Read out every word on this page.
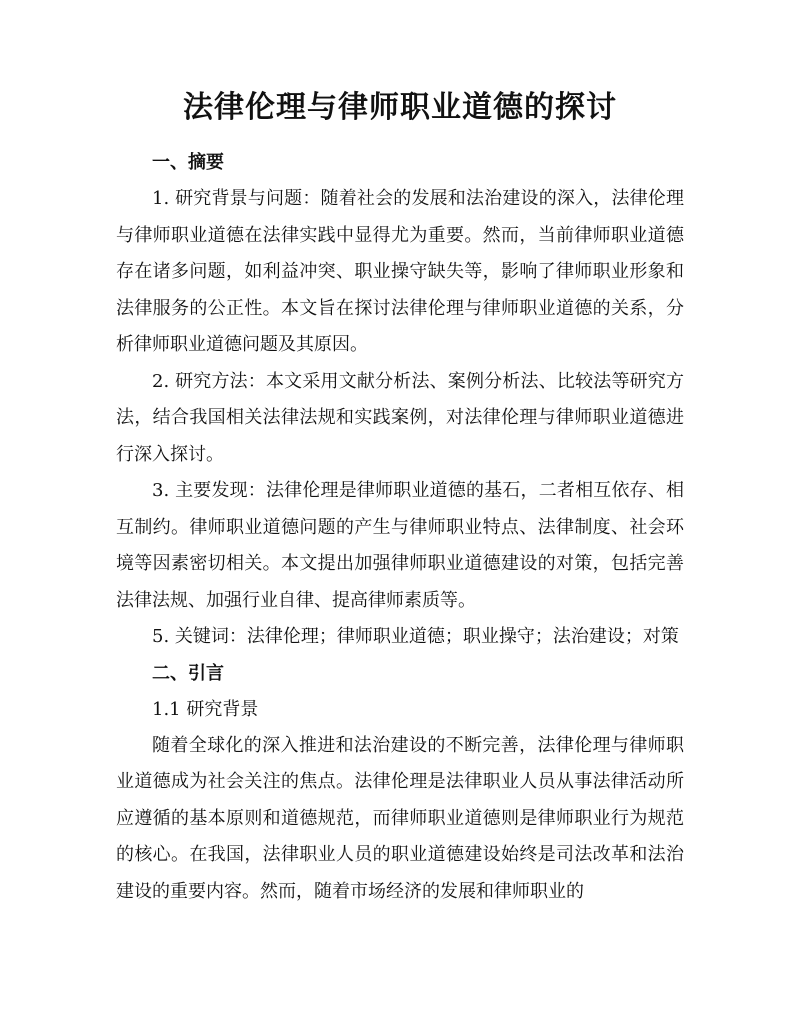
法律伦理与律师职业道德的探讨

一、摘要

1. 研究背景与问题：随着社会的发展和法治建设的深入，法律伦理与律师职业道德在法律实践中显得尤为重要。然而，当前律师职业道德存在诸多问题，如利益冲突、职业操守缺失等，影响了律师职业形象和法律服务的公正性。本文旨在探讨法律伦理与律师职业道德的关系，分析律师职业道德问题及其原因。

2. 研究方法：本文采用文献分析法、案例分析法、比较法等研究方法，结合我国相关法律法规和实践案例，对法律伦理与律师职业道德进行深入探讨。

3. 主要发现：法律伦理是律师职业道德的基石，二者相互依存、相互制约。律师职业道德问题的产生与律师职业特点、法律制度、社会环境等因素密切相关。本文提出加强律师职业道德建设的对策，包括完善法律法规、加强行业自律、提高律师素质等。

5. 关键词：法律伦理；律师职业道德；职业操守；法治建设；对策

二、引言

1.1 研究背景

随着全球化的深入推进和法治建设的不断完善，法律伦理与律师职业道德成为社会关注的焦点。法律伦理是法律职业人员从事法律活动所应遵循的基本原则和道德规范，而律师职业道德则是律师职业行为规范的核心。在我国，法律职业人员的职业道德建设始终是司法改革和法治建设的重要内容。然而，随着市场经济的发展和律师职业的
